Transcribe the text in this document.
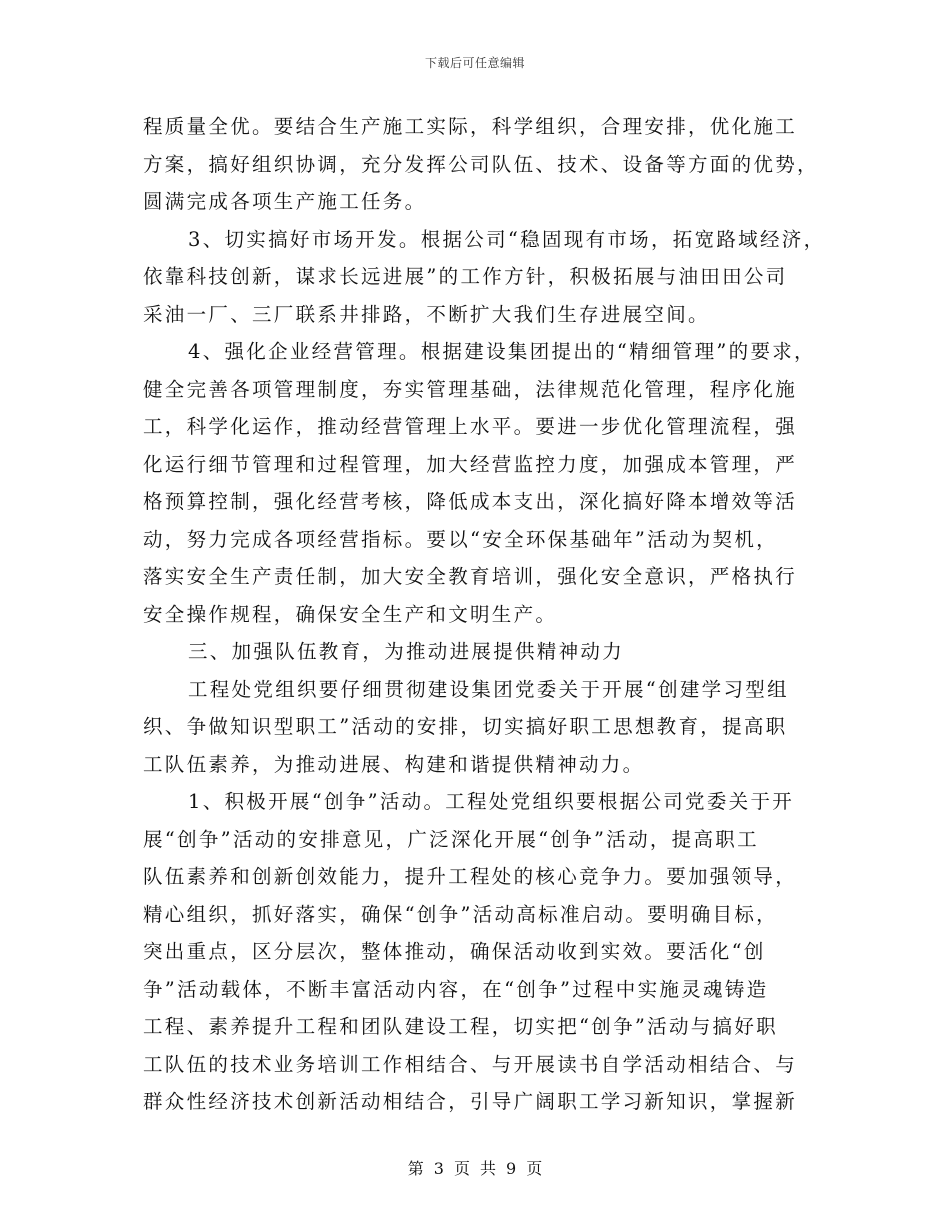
下载后可任意编辑
程质量全优。要结合生产施工实际，科学组织，合理安排，优化施工
方案，搞好组织协调，充分发挥公司队伍、技术、设备等方面的优势，
圆满完成各项生产施工任务。
3、切实搞好市场开发。根据公司“稳固现有市场，拓宽路域经济，
依靠科技创新，谋求长远进展”的工作方针，积极拓展与油田田公司
采油一厂、三厂联系井排路，不断扩大我们生存进展空间。
4、强化企业经营管理。根据建设集团提出的“精细管理”的要求，
健全完善各项管理制度，夯实管理基础，法律规范化管理，程序化施
工，科学化运作，推动经营管理上水平。要进一步优化管理流程，强
化运行细节管理和过程管理，加大经营监控力度，加强成本管理，严
格预算控制，强化经营考核，降低成本支出，深化搞好降本增效等活
动，努力完成各项经营指标。要以“安全环保基础年”活动为契机，
落实安全生产责任制，加大安全教育培训，强化安全意识，严格执行
安全操作规程，确保安全生产和文明生产。
三、加强队伍教育，为推动进展提供精神动力
工程处党组织要仔细贯彻建设集团党委关于开展“创建学习型组
织、争做知识型职工”活动的安排，切实搞好职工思想教育，提高职
工队伍素养，为推动进展、构建和谐提供精神动力。
1、积极开展“创争”活动。工程处党组织要根据公司党委关于开
展“创争”活动的安排意见，广泛深化开展“创争”活动，提高职工
队伍素养和创新创效能力，提升工程处的核心竞争力。要加强领导，
精心组织，抓好落实，确保“创争”活动高标准启动。要明确目标，
突出重点，区分层次，整体推动，确保活动收到实效。要活化“创
争”活动载体，不断丰富活动内容，在“创争”过程中实施灵魂铸造
工程、素养提升工程和团队建设工程，切实把“创争”活动与搞好职
工队伍的技术业务培训工作相结合、与开展读书自学活动相结合、与
群众性经济技术创新活动相结合，引导广阔职工学习新知识，掌握新
第 3 页 共 9 页
